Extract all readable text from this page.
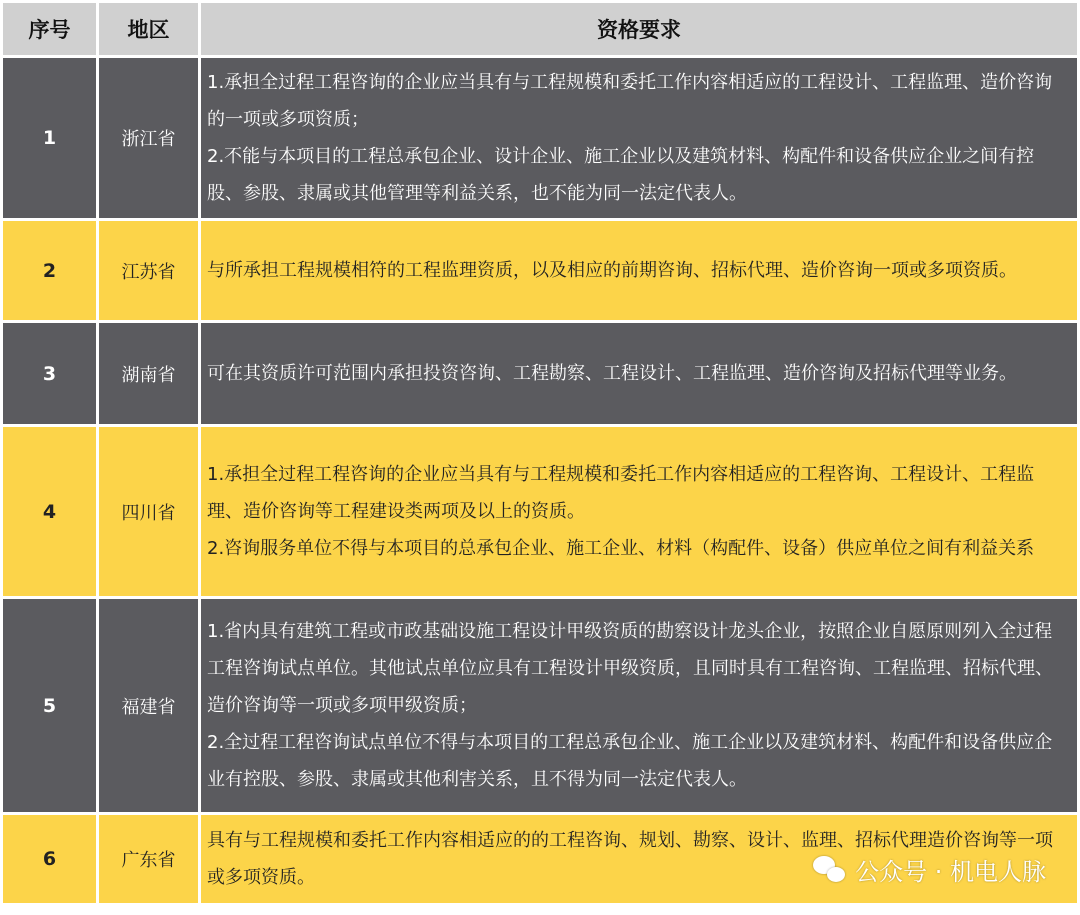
序号	地区	资格要求
1	浙江省	1.承担全过程工程咨询的企业应当具有与工程规模和委托工作内容相适应的工程设计、工程监理、造价咨询的一项或多项资质；

2.不能与本项目的工程总承包企业、设计企业、施工企业以及建筑材料、构配件和设备供应企业之间有控股、参股、隶属或其他管理等利益关系，也不能为同一法定代表人。

2	江苏省	与所承担工程规模相符的工程监理资质，以及相应的前期咨询、招标代理、造价咨询一项或多项资质。

3	湖南省	可在其资质许可范围内承担投资咨询、工程勘察、工程设计、工程监理、造价咨询及招标代理等业务。

4	四川省	1.承担全过程工程咨询的企业应当具有与工程规模和委托工作内容相适应的工程咨询、工程设计、工程监理、造价咨询等工程建设类两项及以上的资质。

2.咨询服务单位不得与本项目的总承包企业、施工企业、材料（构配件、设备）供应单位之间有利益关系

5	福建省	1.省内具有建筑工程或市政基础设施工程设计甲级资质的勘察设计龙头企业，按照企业自愿原则列入全过程工程咨询试点单位。其他试点单位应具有工程设计甲级资质，且同时具有工程咨询、工程监理、招标代理、造价咨询等一项或多项甲级资质；

2.全过程工程咨询试点单位不得与本项目的工程总承包企业、施工企业以及建筑材料、构配件和设备供应企业有控股、参股、隶属或其他利害关系，且不得为同一法定代表人。

6	广东省	具有与工程规模和委托工作内容相适应的的工程咨询、规划、勘察、设计、监理、招标代理造价咨询等一项或多项资质。	公众号 · 机电人脉
